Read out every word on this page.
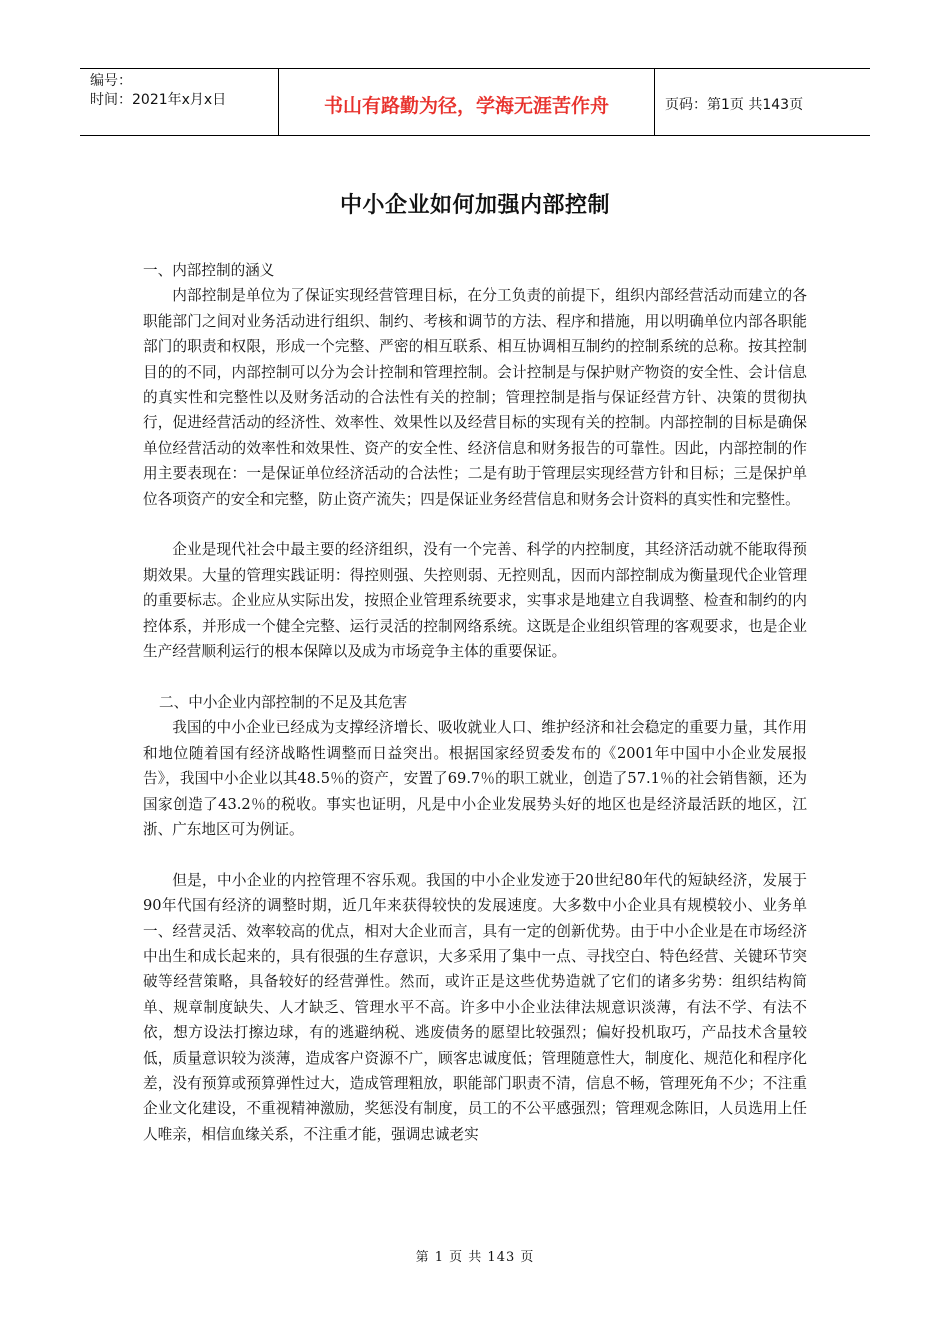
编号：
时间：2021年x月x日	书山有路勤为径，学海无涯苦作舟	页码：第1页 共143页
中小企业如何加强内部控制

一、内部控制的涵义

内部控制是单位为了保证实现经营管理目标，在分工负责的前提下，组织内部经营活动而建立的各职能部门之间对业务活动进行组织、制约、考核和调节的方法、程序和措施，用以明确单位内部各职能部门的职责和权限，形成一个完整、严密的相互联系、相互协调相互制约的控制系统的总称。按其控制目的的不同，内部控制可以分为会计控制和管理控制。会计控制是与保护财产物资的安全性、会计信息的真实性和完整性以及财务活动的合法性有关的控制；管理控制是指与保证经营方针、决策的贯彻执行，促进经营活动的经济性、效率性、效果性以及经营目标的实现有关的控制。内部控制的目标是确保单位经营活动的效率性和效果性、资产的安全性、经济信息和财务报告的可靠性。因此，内部控制的作用主要表现在：一是保证单位经济活动的合法性；二是有助于管理层实现经营方针和目标；三是保护单位各项资产的安全和完整，防止资产流失；四是保证业务经营信息和财务会计资料的真实性和完整性。

企业是现代社会中最主要的经济组织，没有一个完善、科学的内控制度，其经济活动就不能取得预期效果。大量的管理实践证明：得控则强、失控则弱、无控则乱，因而内部控制成为衡量现代企业管理的重要标志。企业应从实际出发，按照企业管理系统要求，实事求是地建立自我调整、检查和制约的内控体系，并形成一个健全完整、运行灵活的控制网络系统。这既是企业组织管理的客观要求，也是企业生产经营顺利运行的根本保障以及成为市场竞争主体的重要保证。

二、中小企业内部控制的不足及其危害

我国的中小企业已经成为支撑经济增长、吸收就业人口、维护经济和社会稳定的重要力量，其作用和地位随着国有经济战略性调整而日益突出。根据国家经贸委发布的《2001年中国中小企业发展报告》，我国中小企业以其48.5％的资产，安置了69.7％的职工就业，创造了57.1％的社会销售额，还为国家创造了43.2％的税收。事实也证明，凡是中小企业发展势头好的地区也是经济最活跃的地区，江浙、广东地区可为例证。

但是，中小企业的内控管理不容乐观。我国的中小企业发迹于20世纪80年代的短缺经济，发展于90年代国有经济的调整时期，近几年来获得较快的发展速度。大多数中小企业具有规模较小、业务单一、经营灵活、效率较高的优点，相对大企业而言，具有一定的创新优势。由于中小企业是在市场经济中出生和成长起来的，具有很强的生存意识，大多采用了集中一点、寻找空白、特色经营、关键环节突破等经营策略，具备较好的经营弹性。然而，或许正是这些优势造就了它们的诸多劣势：组织结构简单、规章制度缺失、人才缺乏、管理水平不高。许多中小企业法律法规意识淡薄，有法不学、有法不依，想方设法打擦边球，有的逃避纳税、逃废债务的愿望比较强烈；偏好投机取巧，产品技术含量较低，质量意识较为淡薄，造成客户资源不广，顾客忠诚度低；管理随意性大，制度化、规范化和程序化差，没有预算或预算弹性过大，造成管理粗放，职能部门职责不清，信息不畅，管理死角不少；不注重企业文化建设，不重视精神激励，奖惩没有制度，员工的不公平感强烈；管理观念陈旧，人员选用上任人唯亲，相信血缘关系，不注重才能，强调忠诚老实

第 1 页 共 143 页
